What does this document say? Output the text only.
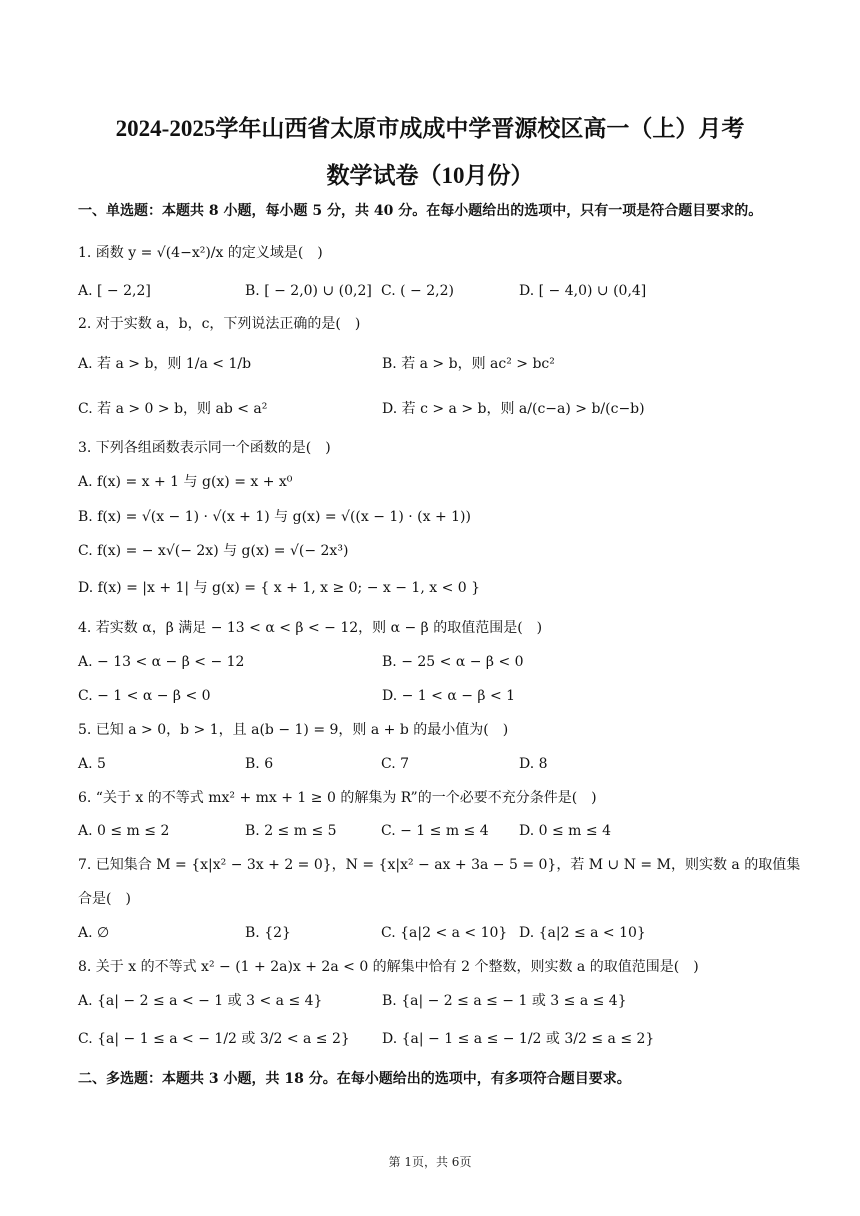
2024-2025学年山西省太原市成成中学晋源校区高一（上）月考
数学试卷（10月份）
一、单选题：本题共 8 小题，每小题 5 分，共 40 分。在每小题给出的选项中，只有一项是符合题目要求的。
1. 函数 y = √(4−x²)/x 的定义域是(　)
A. [ − 2,2]	B. [ − 2,0) ∪ (0,2] C. ( − 2,2)	D. [ − 4,0) ∪ (0,4]
2. 对于实数 a，b，c，下列说法正确的是(　)
A. 若 a > b，则 1/a < 1/b	B. 若 a > b，则 ac² > bc²
C. 若 a > 0 > b，则 ab < a²	D. 若 c > a > b，则 a/(c−a) > b/(c−b)
3. 下列各组函数表示同一个函数的是(　)
A. f(x) = x + 1 与 g(x) = x + x⁰
B. f(x) = √(x − 1) · √(x + 1) 与 g(x) = √((x − 1) · (x + 1))
C. f(x) = − x√(− 2x) 与 g(x) = √(− 2x³)
D. f(x) = |x + 1| 与 g(x) = { x + 1, x ≥ 0; − x − 1, x < 0 }
4. 若实数 α，β 满足 − 13 < α < β < − 12，则 α − β 的取值范围是(　)
A. − 13 < α − β < − 12	B. − 25 < α − β < 0
C. − 1 < α − β < 0	D. − 1 < α − β < 1
5. 已知 a > 0，b > 1，且 a(b − 1) = 9，则 a + b 的最小值为(　)
A. 5	B. 6	C. 7	D. 8
6. “关于 x 的不等式 mx² + mx + 1 ≥ 0 的解集为 R”的一个必要不充分条件是(　)
A. 0 ≤ m ≤ 2	B. 2 ≤ m ≤ 5	C. − 1 ≤ m ≤ 4 D. 0 ≤ m ≤ 4
7. 已知集合 M = {x|x² − 3x + 2 = 0}，N = {x|x² − ax + 3a − 5 = 0}，若 M ∪ N = M，则实数 a 的取值集
合是(　)
A. ∅	B. {2}	C. {a|2 < a < 10} D. {a|2 ≤ a < 10}
8. 关于 x 的不等式 x² − (1 + 2a)x + 2a < 0 的解集中恰有 2 个整数，则实数 a 的取值范围是(　)
A. {a| − 2 ≤ a < − 1 或 3 < a ≤ 4}	B. {a| − 2 ≤ a ≤ − 1 或 3 ≤ a ≤ 4}
C. {a| − 1 ≤ a < − 1/2 或 3/2 < a ≤ 2} D. {a| − 1 ≤ a ≤ − 1/2 或 3/2 ≤ a ≤ 2}
二、多选题：本题共 3 小题，共 18 分。在每小题给出的选项中，有多项符合题目要求。
第 1页，共 6页
